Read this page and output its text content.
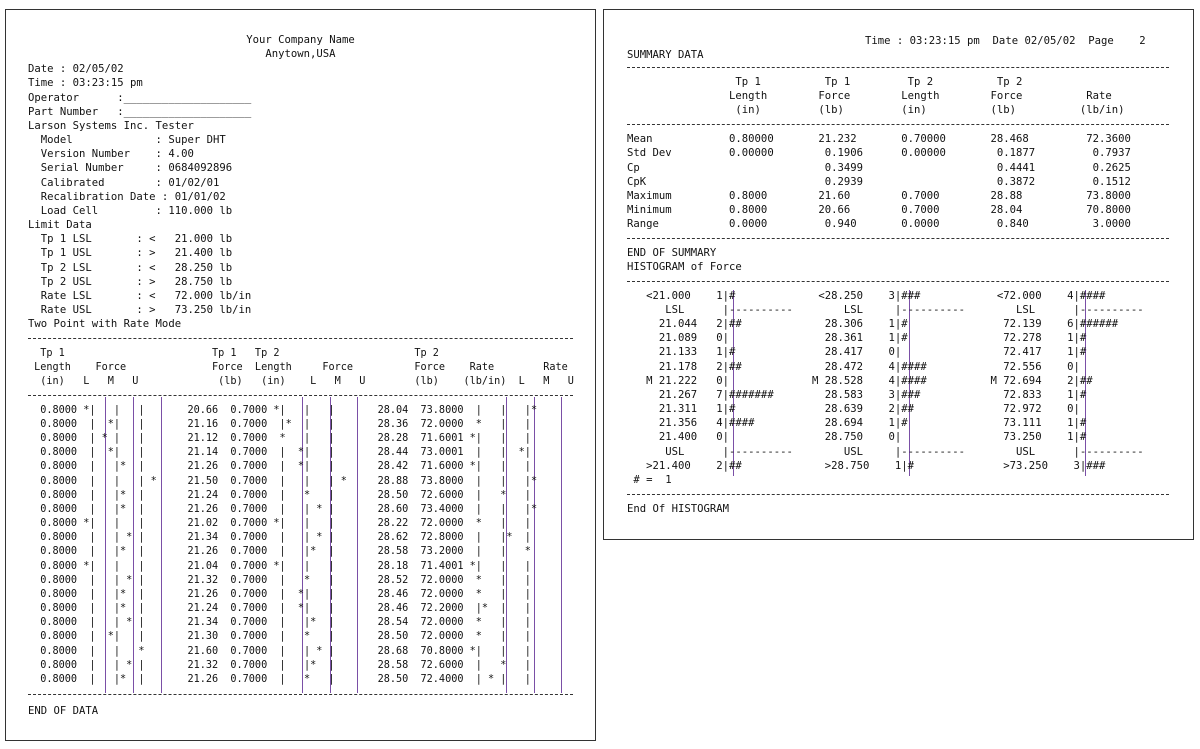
Your Company Name
Anytown,USA
Date : 02/05/02
Time : 03:23:15 pm
Operator      :____________________
Part Number   :____________________
Larson Systems Inc. Tester
Model             : Super DHT
Version Number    : 4.00
Serial Number     : 0684092896
Calibrated        : 01/02/01
Recalibration Date : 01/01/02
Load Cell         : 110.000 lb
Limit Data
Tp 1 LSL       : <   21.000 lb
Tp 1 USL       : >   21.400 lb
Tp 2 LSL       : <   28.250 lb
Tp 2 USL       : >   28.750 lb
Rate LSL       : <   72.000 lb/in
Rate USL       : >   73.250 lb/in
Two Point with Rate Mode
Tp 1                        Tp 1   Tp 2                      Tp 2
Length    Force              Force  Length     Force          Force    Rate        Rate
(in)   L   M   U             (lb)   (in)    L   M   U        (lb)    (lb/in)  L   M   U
0.8000 *|   |   |       20.66  0.7000 *|   |   |       28.04  73.8000  |   |   |*
0.8000  |  *|   |       21.16  0.7000  |*  |   |       28.36  72.0000  *   |   |
0.8000  | * |   |       21.12  0.7000  *   |   |       28.28  71.6001 *|   |   |
0.8000  |  *|   |       21.14  0.7000  |  *|   |       28.44  73.0001  |   |  *|
0.8000  |   |*  |       21.26  0.7000  |  *|   |       28.42  71.6000 *|   |   |
0.8000  |   |   | *     21.50  0.7000  |   |   | *     28.88  73.8000  |   |   |*
0.8000  |   |*  |       21.24  0.7000  |   *   |       28.50  72.6000  |   *   |
0.8000  |   |*  |       21.26  0.7000  |   | * |       28.60  73.4000  |   |   |*
0.8000 *|   |   |       21.02  0.7000 *|   |   |       28.22  72.0000  *   |   |
0.8000  |   | * |       21.34  0.7000  |   | * |       28.62  72.8000  |   |*  |
0.8000  |   |*  |       21.26  0.7000  |   |*  |       28.58  73.2000  |   |   *
0.8000 *|   |   |       21.04  0.7000 *|   |   |       28.18  71.4001 *|   |   |
0.8000  |   | * |       21.32  0.7000  |   *   |       28.52  72.0000  *   |   |
0.8000  |   |*  |       21.26  0.7000  |  *|   |       28.46  72.0000  *   |   |
0.8000  |   |*  |       21.24  0.7000  |  *|   |       28.46  72.2000  |*  |   |
0.8000  |   | * |       21.34  0.7000  |   |*  |       28.54  72.0000  *   |   |
0.8000  |  *|   |       21.30  0.7000  |   *   |       28.50  72.0000  *   |   |
0.8000  |   |   *       21.60  0.7000  |   | * |       28.68  70.8000 *|   |   |
0.8000  |   | * |       21.32  0.7000  |   |*  |       28.58  72.6000  |   *   |
0.8000  |   |*  |       21.26  0.7000  |   *   |       28.50  72.4000  | * |   |
END OF DATA
Time : 03:23:15 pm  Date 02/05/02  Page    2
SUMMARY DATA
Tp 1          Tp 1         Tp 2          Tp 2
Length        Force        Length        Force          Rate
(in)         (lb)         (in)          (lb)          (lb/in)
Mean            0.80000       21.232       0.70000       28.468         72.3600
Std Dev         0.00000        0.1906      0.00000        0.1877         0.7937
Cp                             0.3499                     0.4441         0.2625
CpK                            0.2939                     0.3872         0.1512
Maximum         0.8000        21.60        0.7000        28.88          73.8000
Minimum         0.8000        20.66        0.7000        28.04          70.8000
Range           0.0000         0.940       0.0000         0.840          3.0000
END OF SUMMARY
HISTOGRAM of Force
<21.000    1|#             <28.250    3|###            <72.000    4|####
LSL      |----------        LSL     |----------        LSL      |----------
21.044   2|##             28.306    1|#               72.139    6|######
21.089   0|               28.361    1|#               72.278    1|#
21.133   1|#              28.417    0|                72.417    1|#
21.178   2|##             28.472    4|####            72.556    0|
M 21.222   0|             M 28.528    4|####          M 72.694    2|##
21.267   7|#######        28.583    3|###             72.833    1|#
21.311   1|#              28.639    2|##              72.972    0|
21.356   4|####           28.694    1|#               73.111    1|#
21.400   0|               28.750    0|                73.250    1|#
USL      |----------        USL     |----------        USL      |----------
>21.400    2|##             >28.750    1|#              >73.250    3|###
# =  1
End Of HISTOGRAM
